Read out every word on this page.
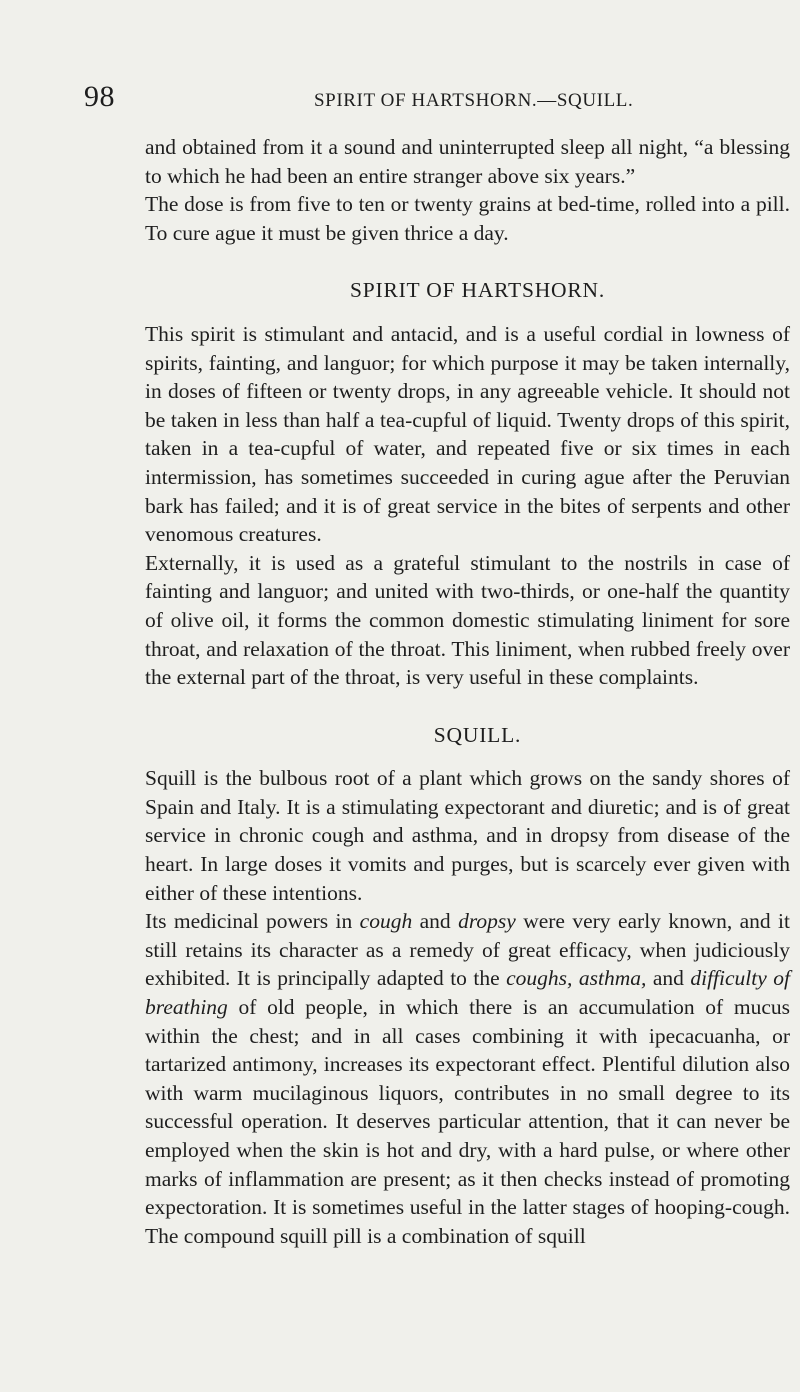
98	SPIRIT OF HARTSHORN.—SQUILL.

and obtained from it a sound and uninterrupted sleep all night, “a blessing to which he had been an entire stranger above six years.”

The dose is from five to ten or twenty grains at bed-time, rolled into a pill. To cure ague it must be given thrice a day.

SPIRIT OF HARTSHORN.

This spirit is stimulant and antacid, and is a useful cordial in lowness of spirits, fainting, and languor; for which purpose it may be taken internally, in doses of fifteen or twenty drops, in any agreeable vehicle. It should not be taken in less than half a tea-cupful of liquid. Twenty drops of this spirit, taken in a tea-cupful of water, and repeated five or six times in each intermission, has sometimes succeeded in curing ague after the Peruvian bark has failed; and it is of great service in the bites of serpents and other venomous creatures.

Externally, it is used as a grateful stimulant to the nostrils in case of fainting and languor; and united with two-thirds, or one-half the quantity of olive oil, it forms the common domestic stimulating liniment for sore throat, and relaxation of the throat. This liniment, when rubbed freely over the external part of the throat, is very useful in these complaints.

SQUILL.

Squill is the bulbous root of a plant which grows on the sandy shores of Spain and Italy. It is a stimulating expectorant and diuretic; and is of great service in chronic cough and asthma, and in dropsy from disease of the heart. In large doses it vomits and purges, but is scarcely ever given with either of these intentions.

Its medicinal powers in cough and dropsy were very early known, and it still retains its character as a remedy of great efficacy, when judiciously exhibited. It is principally adapted to the coughs, asthma, and difficulty of breathing of old people, in which there is an accumulation of mucus within the chest; and in all cases combining it with ipecacuanha, or tartarized antimony, increases its expectorant effect. Plentiful dilution also with warm mucilaginous liquors, contributes in no small degree to its successful operation. It deserves particular attention, that it can never be employed when the skin is hot and dry, with a hard pulse, or where other marks of inflammation are present; as it then checks instead of promoting expectoration. It is sometimes useful in the latter stages of hooping-cough. The compound squill pill is a combination of squill
